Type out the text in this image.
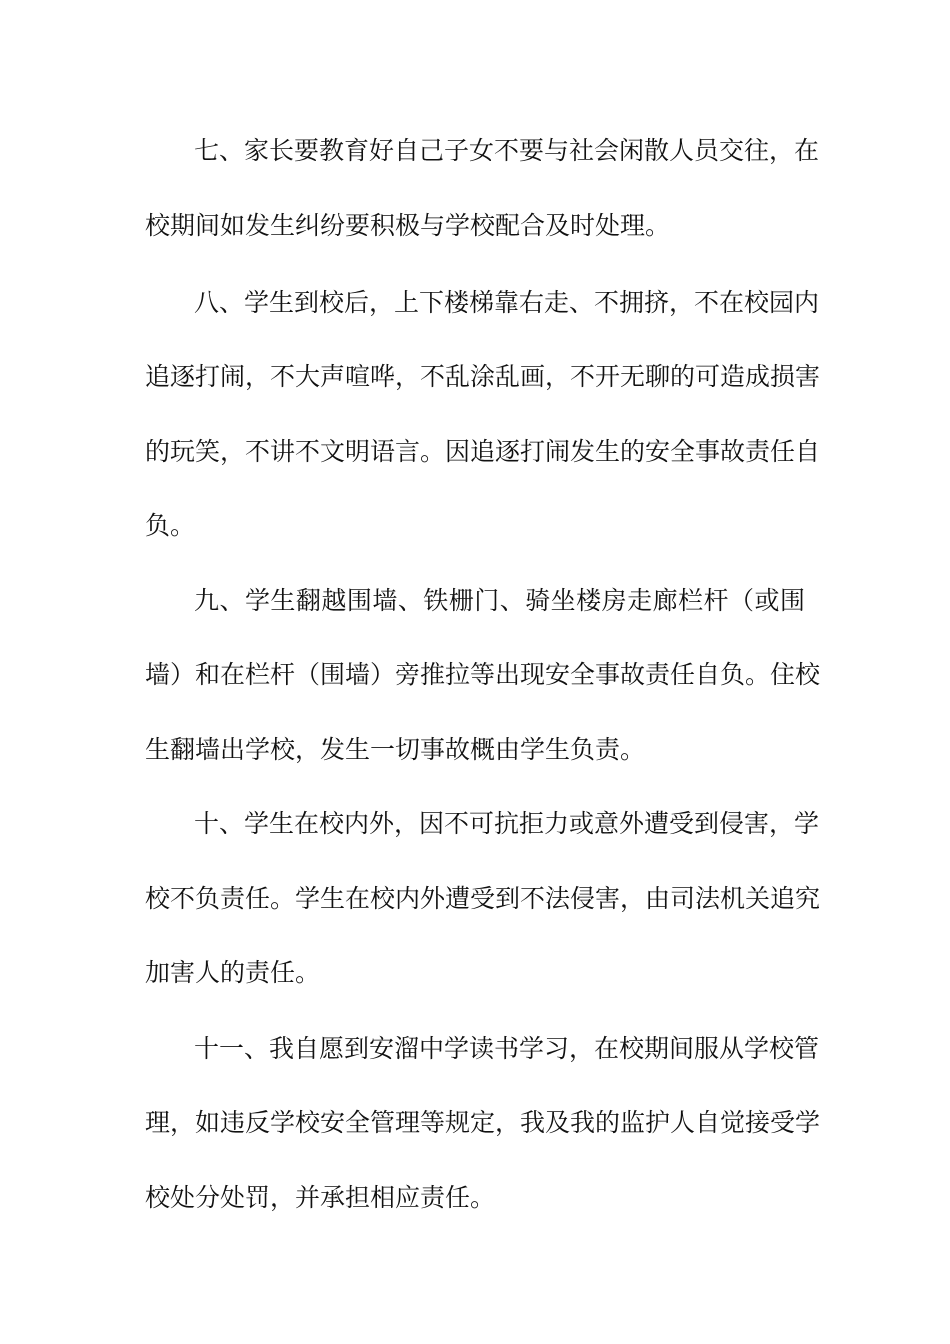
七、家长要教育好自己子女不要与社会闲散人员交往，在
校期间如发生纠纷要积极与学校配合及时处理。
八、学生到校后，上下楼梯靠右走、不拥挤，不在校园内
追逐打闹，不大声喧哗，不乱涂乱画，不开无聊的可造成损害
的玩笑，不讲不文明语言。因追逐打闹发生的安全事故责任自
负。
九、学生翻越围墙、铁栅门、骑坐楼房走廊栏杆（或围
墙）和在栏杆（围墙）旁推拉等出现安全事故责任自负。住校
生翻墙出学校，发生一切事故概由学生负责。
十、学生在校内外，因不可抗拒力或意外遭受到侵害，学
校不负责任。学生在校内外遭受到不法侵害，由司法机关追究
加害人的责任。
十一、我自愿到安溜中学读书学习，在校期间服从学校管
理，如违反学校安全管理等规定，我及我的监护人自觉接受学
校处分处罚，并承担相应责任。
